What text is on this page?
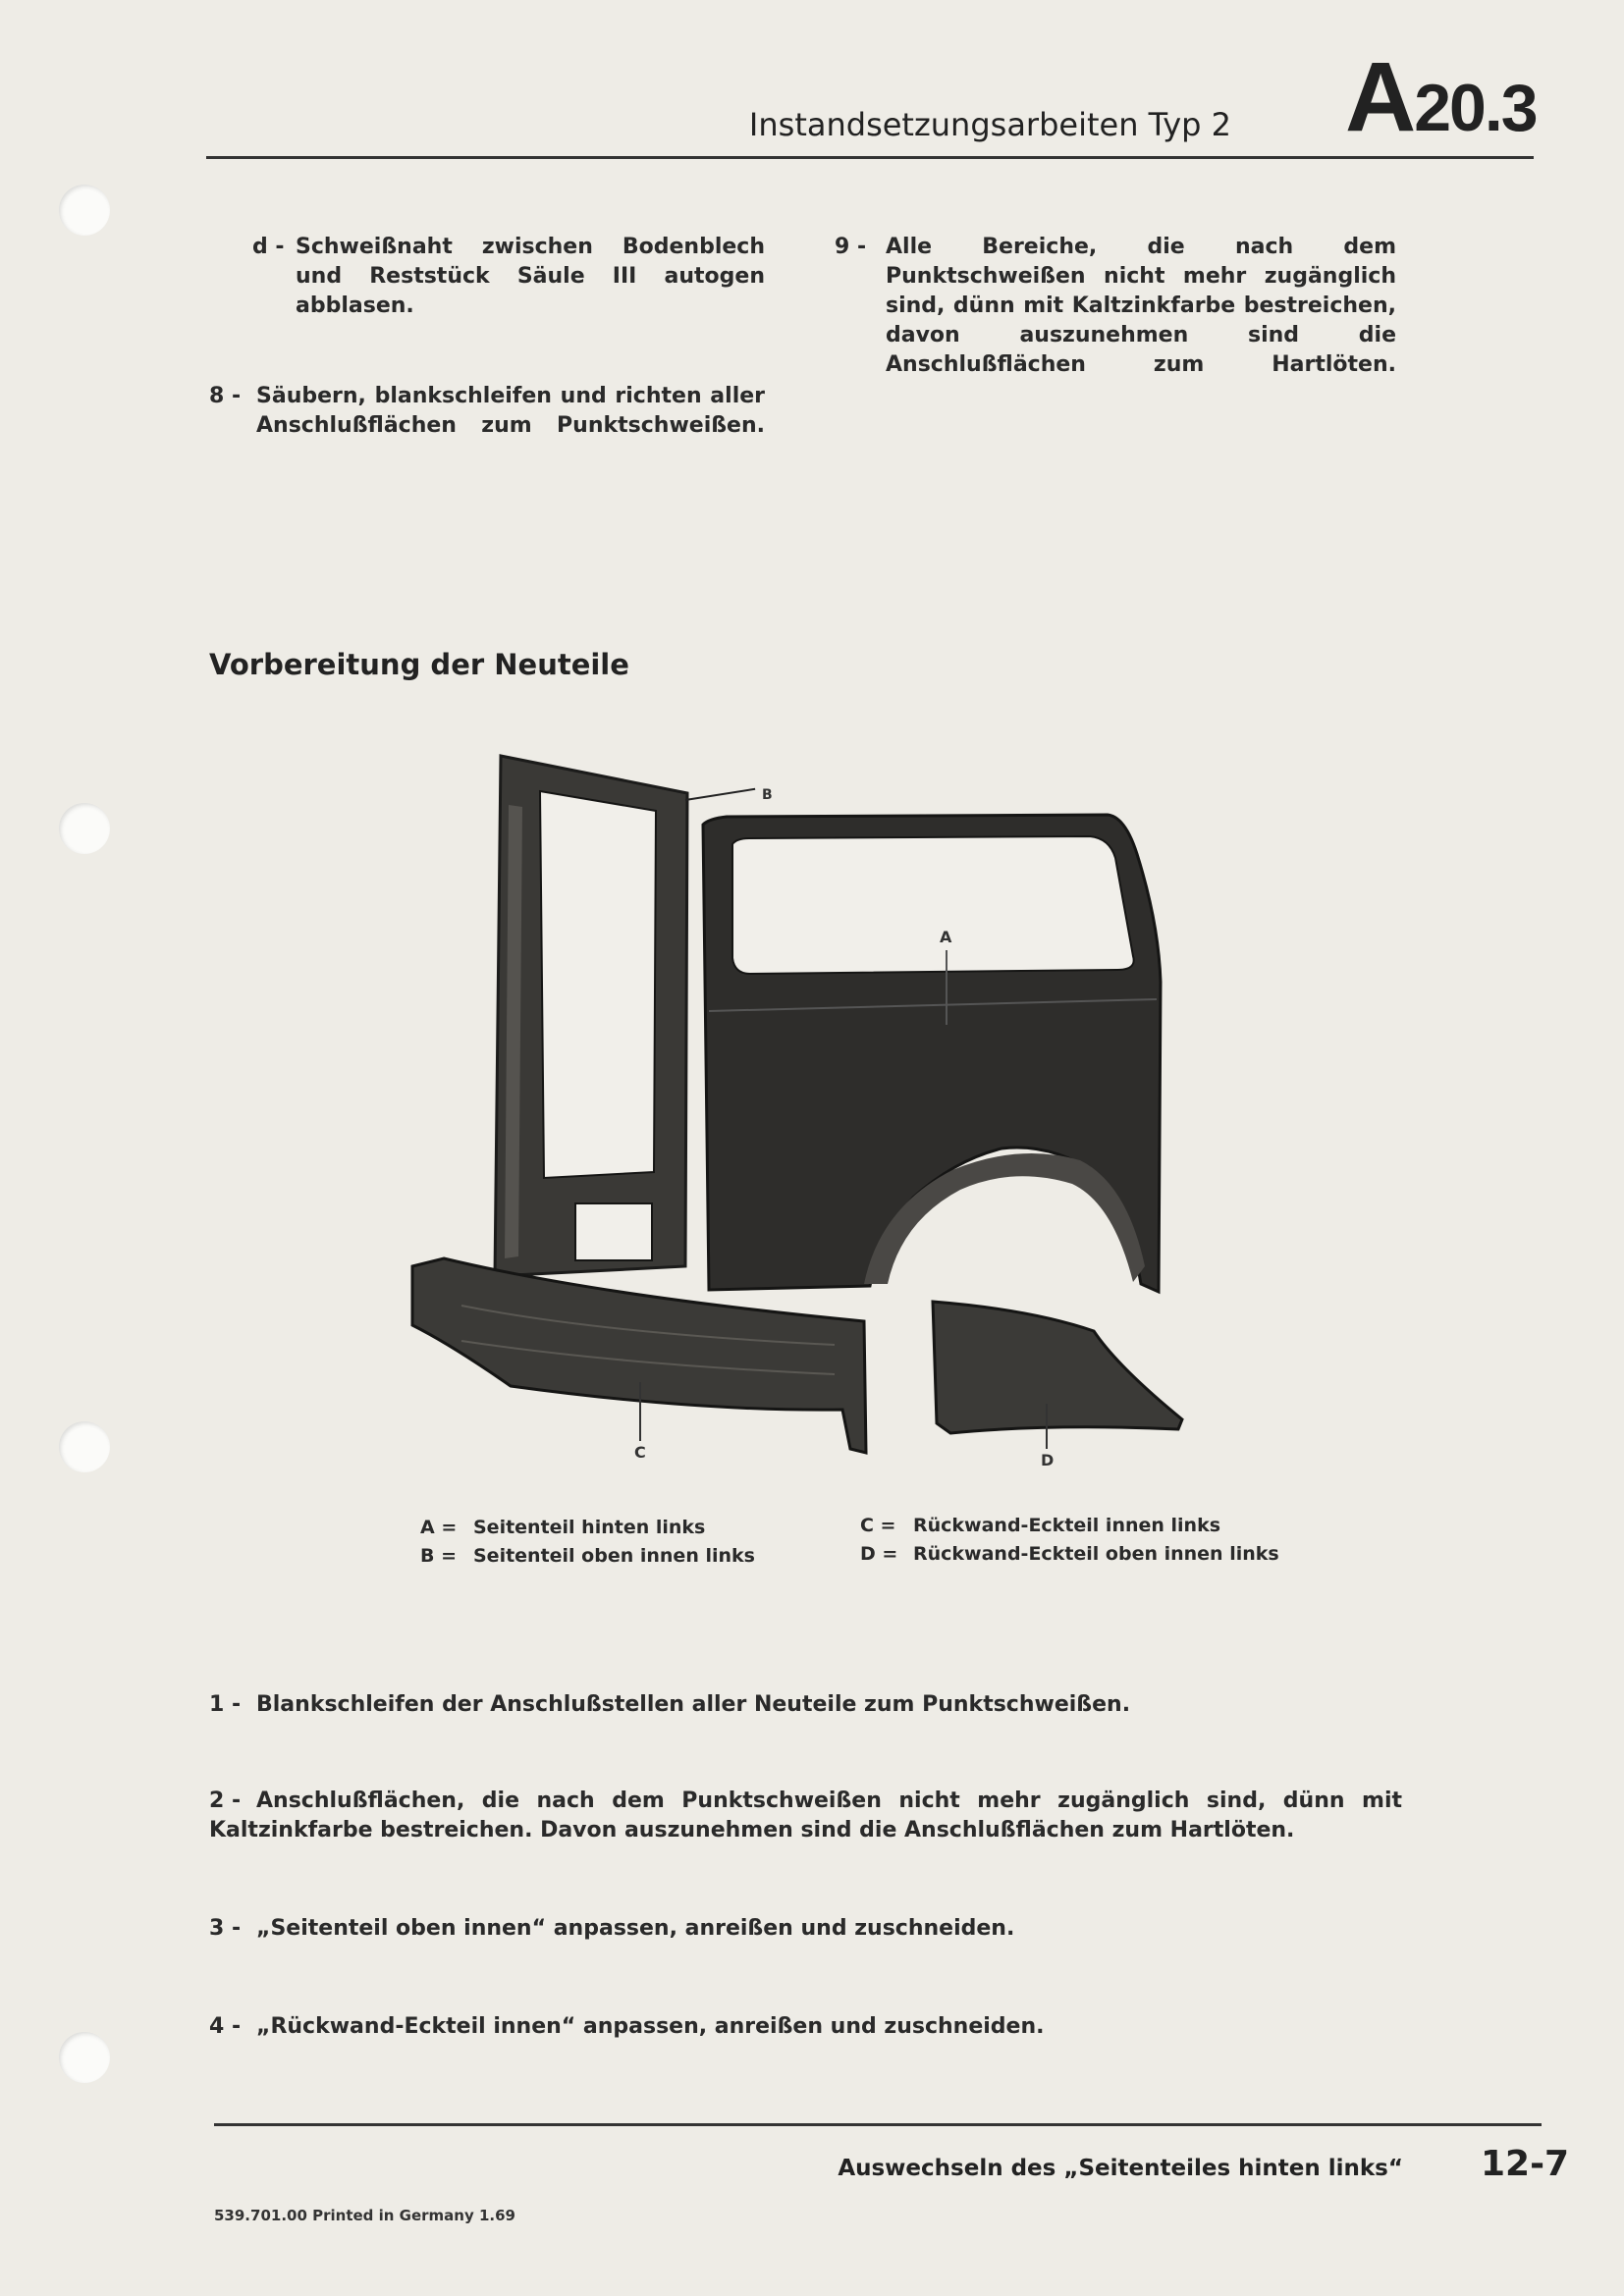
Instandsetzungsarbeiten Typ 2 A20.3
d - Schweißnaht zwischen Bodenblech und Reststück Säule III autogen abblasen.
8 - Säubern, blankschleifen und richten aller Anschlußflächen zum Punktschweißen.
9 - Alle Bereiche, die nach dem Punktschweißen nicht mehr zugänglich sind, dünn mit Kaltzinkfarbe bestreichen, davon auszunehmen sind die Anschlußflächen zum Hartlöten.
Vorbereitung der Neuteile
B
A
C	D
A = Seitenteil hinten links
B = Seitenteil oben innen links
C = Rückwand-Eckteil innen links
D = Rückwand-Eckteil oben innen links
1 - Blankschleifen der Anschlußstellen aller Neuteile zum Punktschweißen.
2 - Anschlußflächen, die nach dem Punktschweißen nicht mehr zugänglich sind, dünn mit Kaltzinkfarbe bestreichen. Davon auszunehmen sind die Anschlußflächen zum Hartlöten.
3 - „Seitenteil oben innen“ anpassen, anreißen und zuschneiden.
4 - „Rückwand-Eckteil innen“ anpassen, anreißen und zuschneiden.
Auswechseln des „Seitenteiles hinten links“ 12-7
539.701.00 Printed in Germany 1.69
